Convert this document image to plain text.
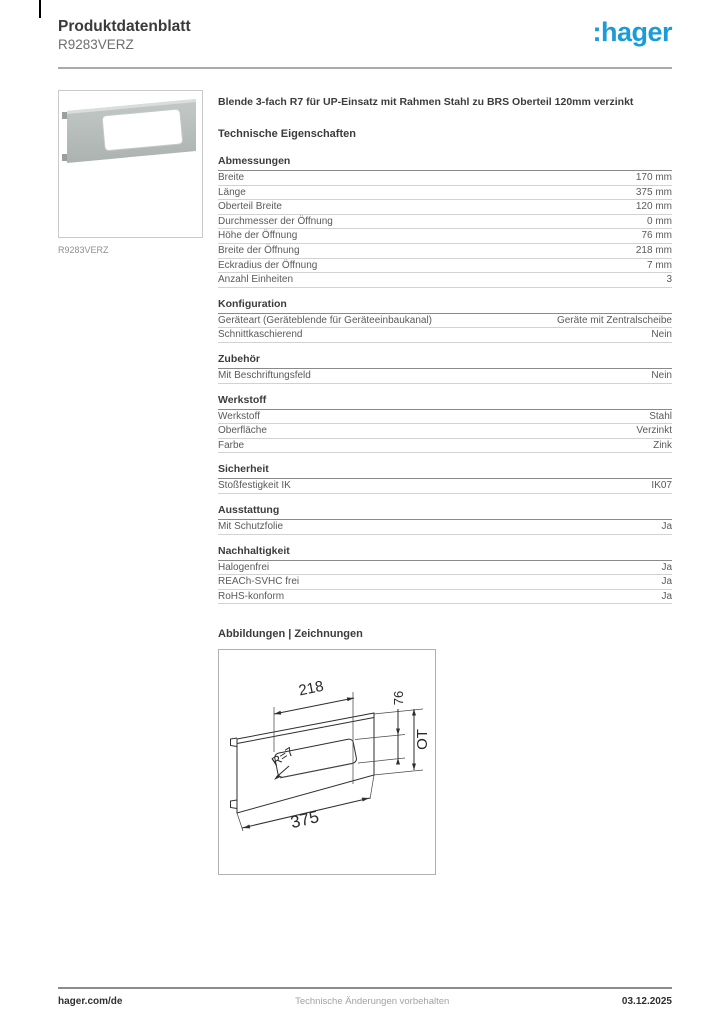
Produktdatenblatt
R9283VERZ	:hager
R9283VERZ
Blende 3-fach R7 für UP-Einsatz mit Rahmen Stahl zu BRS Oberteil 120mm verzinkt
Technische Eigenschaften
Abmessungen
Breite	170 mm
Länge	375 mm
Oberteil Breite	120 mm
Durchmesser der Öffnung	0 mm
Höhe der Öffnung	76 mm
Breite der Öffnung	218 mm
Eckradius der Öffnung	7 mm
Anzahl Einheiten	3
Konfiguration
Geräteart (Geräteblende für Geräteeinbaukanal)	Geräte mit Zentralscheibe
Schnittkaschierend	Nein
Zubehör
Mit Beschriftungsfeld	Nein
Werkstoff
Werkstoff	Stahl
Oberfläche	Verzinkt
Farbe	Zink
Sicherheit
Stoßfestigkeit IK	IK07
Ausstattung
Mit Schutzfolie	Ja
Nachhaltigkeit
Halogenfrei	Ja
REACh-SVHC frei	Ja
RoHS-konform	Ja
Abbildungen | Zeichnungen
218
375
76
OT
R=7
hager.com/de	Technische Änderungen vorbehalten	03.12.2025
